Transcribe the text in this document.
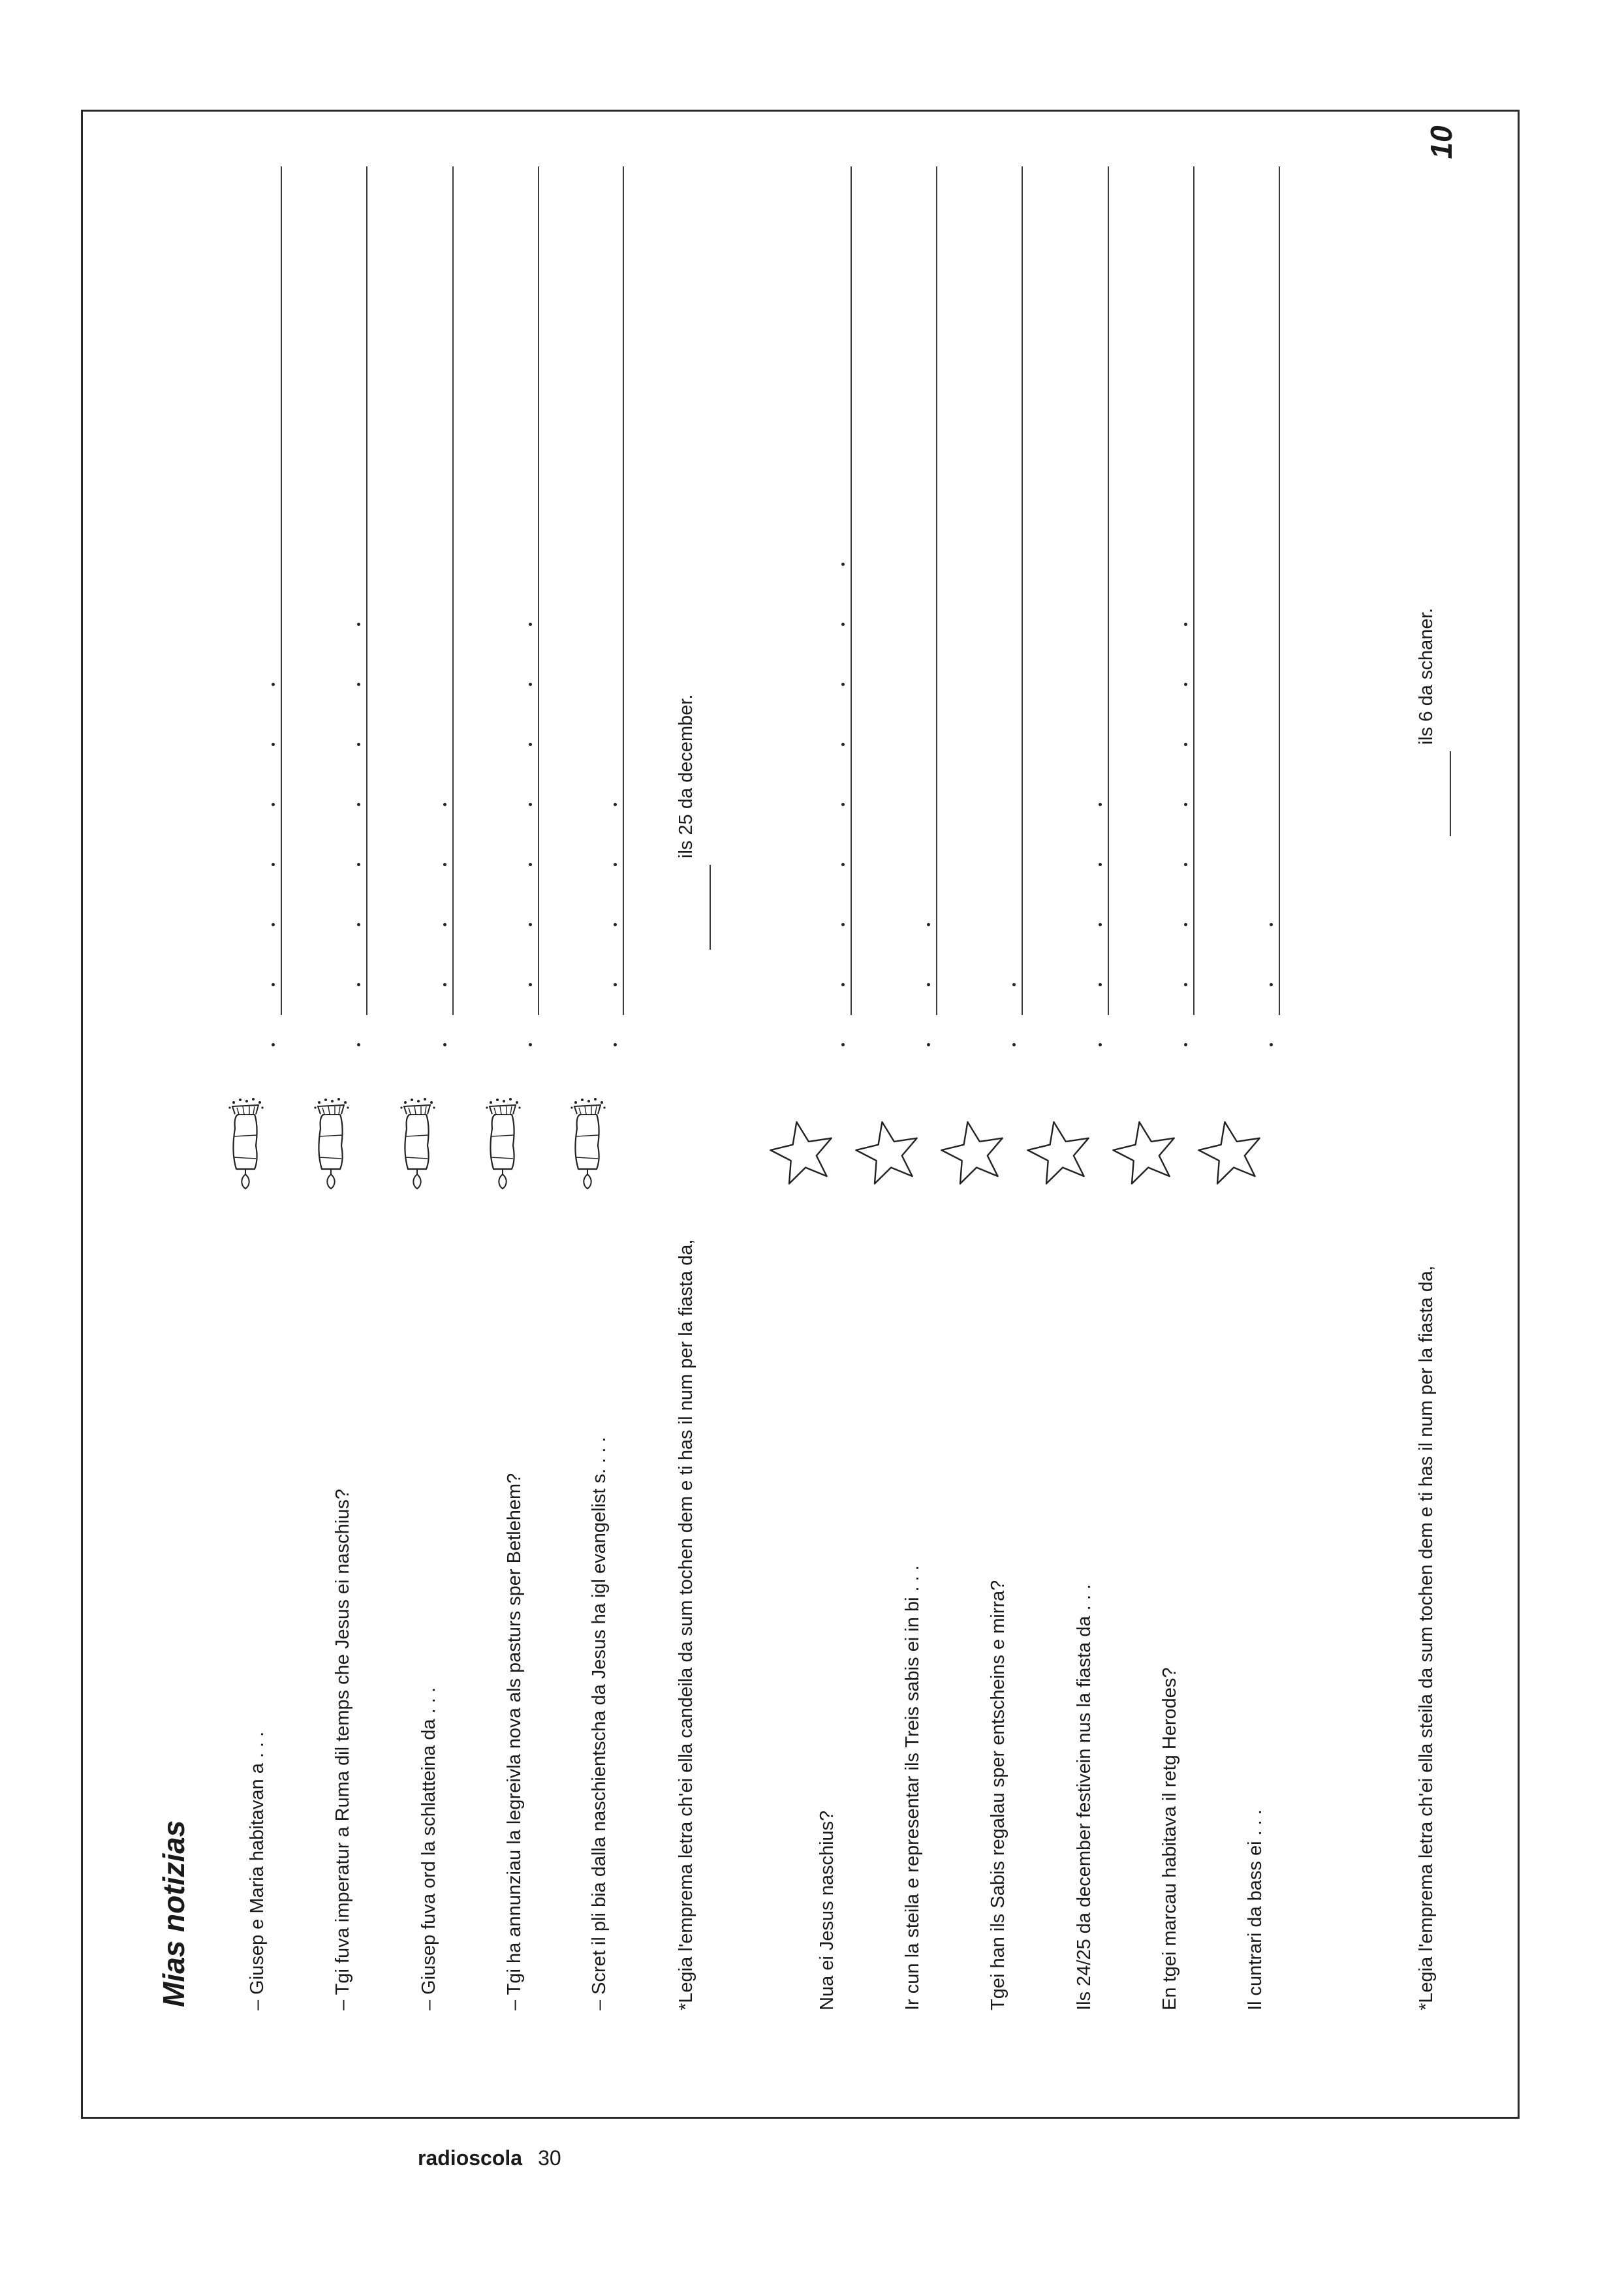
10
Mias notizias	– Giusep e Maria habitavan a . . .	– Tgi fuva imperatur a Ruma dil temps che Jesus ei naschius?	– Giusep fuva ord la schlatteina da . . .	– Tgi ha annunziau la legreivla nova als pasturs sper Betlehem?	– Scret il pli bia dalla naschientscha da Jesus ha igl evangelist s. . . .	*Legia l'emprema letra ch'ei ella candeila da sum tochen dem e ti has il num per la fiasta da,
ils 25 da december.
Nua ei Jesus naschius?	Ir cun la steila e representar ils Treis sabis ei in bi . . .	Tgei han ils Sabis regalau sper entscheins e mirra?	Ils 24/25 da december festivein nus la fiasta da . . .	En tgei marcau habitava il retg Herodes?	Il cuntrari da bass ei . . .	*Legia l'emprema letra ch'ei ella steila da sum tochen dem e ti has il num per la fiasta da,
ils 6 da schaner.
radioscola 30
